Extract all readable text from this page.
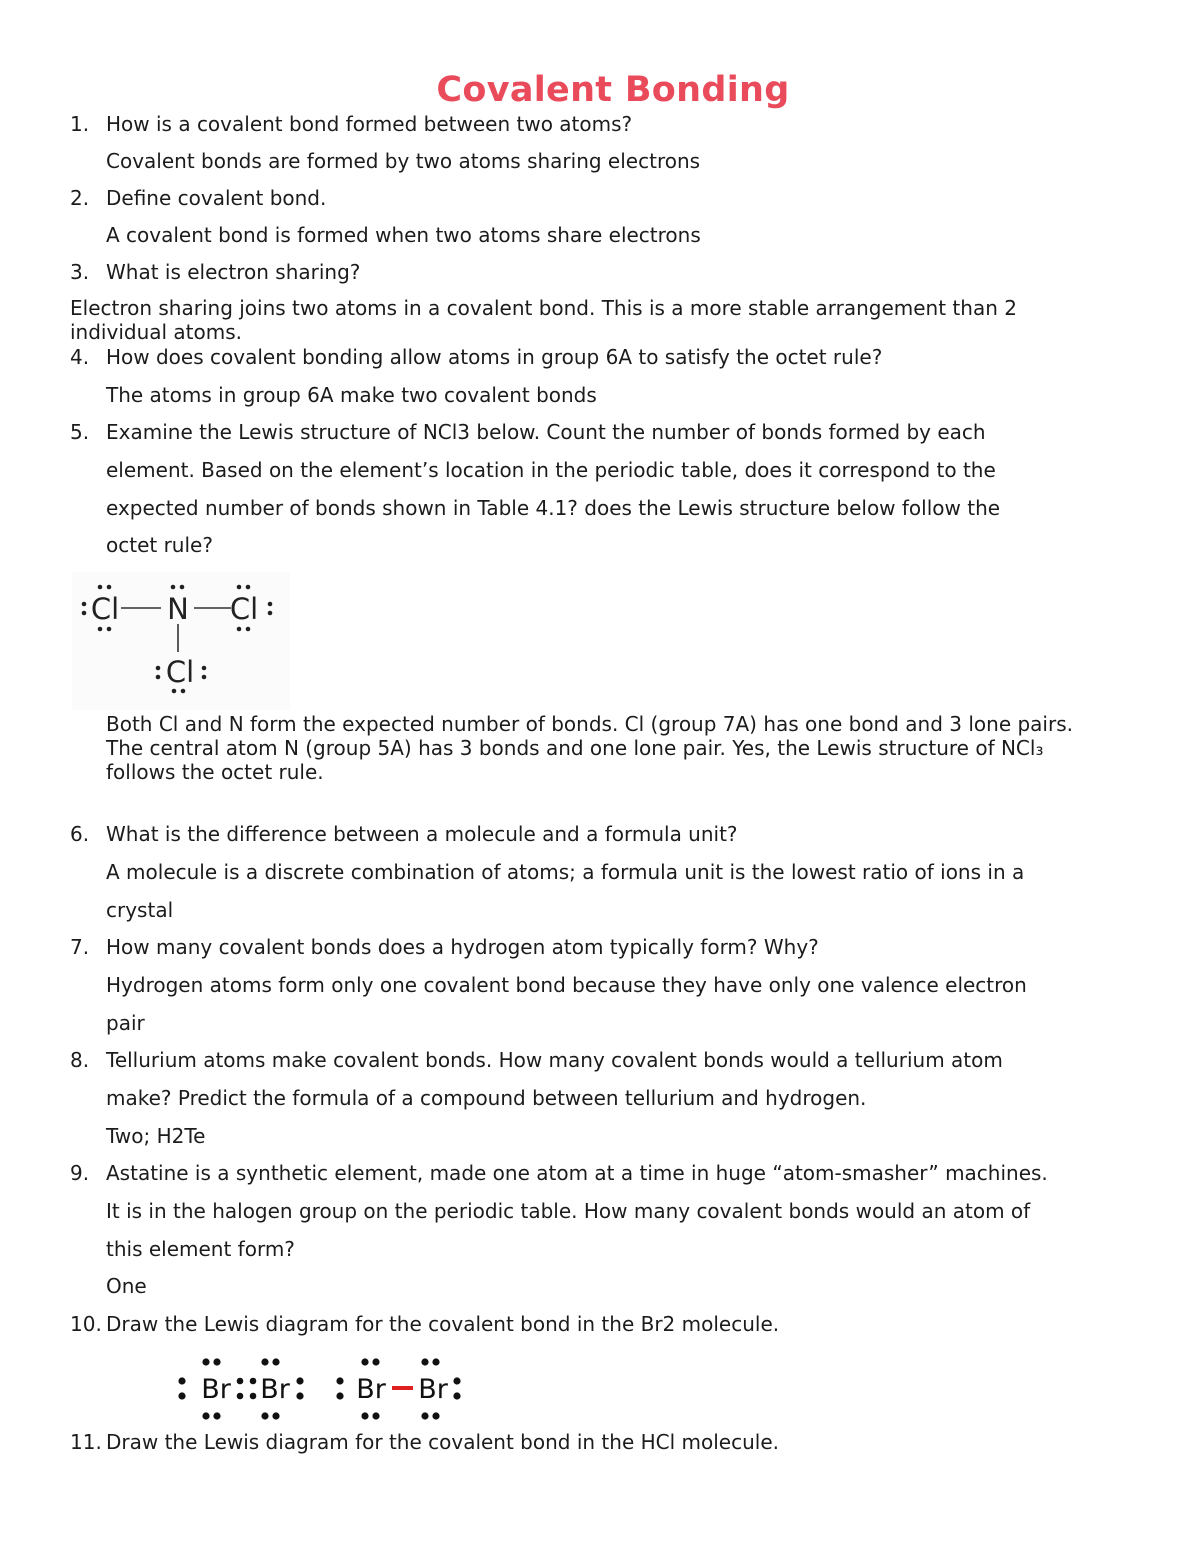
Covalent Bonding
1. How is a covalent bond formed between two atoms?
Covalent bonds are formed by two atoms sharing electrons
2. Define covalent bond.
A covalent bond is formed when two atoms share electrons
3. What is electron sharing?
Electron sharing joins two atoms in a covalent bond. This is a more stable arrangement than 2 individual atoms.
4. How does covalent bonding allow atoms in group 6A to satisfy the octet rule?
The atoms in group 6A make two covalent bonds
5. Examine the Lewis structure of NCl3 below. Count the number of bonds formed by each
element. Based on the element’s location in the periodic table, does it correspond to the
expected number of bonds shown in Table 4.1? does the Lewis structure below follow the
octet rule?
Cl N Cl
Cl
Both Cl and N form the expected number of bonds. Cl (group 7A) has one bond and 3 lone pairs. The central atom N (group 5A) has 3 bonds and one lone pair. Yes, the Lewis structure of NCl₃ follows the octet rule.
6. What is the difference between a molecule and a formula unit?
A molecule is a discrete combination of atoms; a formula unit is the lowest ratio of ions in a
crystal
7. How many covalent bonds does a hydrogen atom typically form? Why?
Hydrogen atoms form only one covalent bond because they have only one valence electron
pair
8. Tellurium atoms make covalent bonds. How many covalent bonds would a tellurium atom
make? Predict the formula of a compound between tellurium and hydrogen.
Two; H2Te
9. Astatine is a synthetic element, made one atom at a time in huge “atom-smasher” machines.
It is in the halogen group on the periodic table. How many covalent bonds would an atom of
this element form?
One
10. Draw the Lewis diagram for the covalent bond in the Br2 molecule.
Br Br Br Br
11. Draw the Lewis diagram for the covalent bond in the HCl molecule.
